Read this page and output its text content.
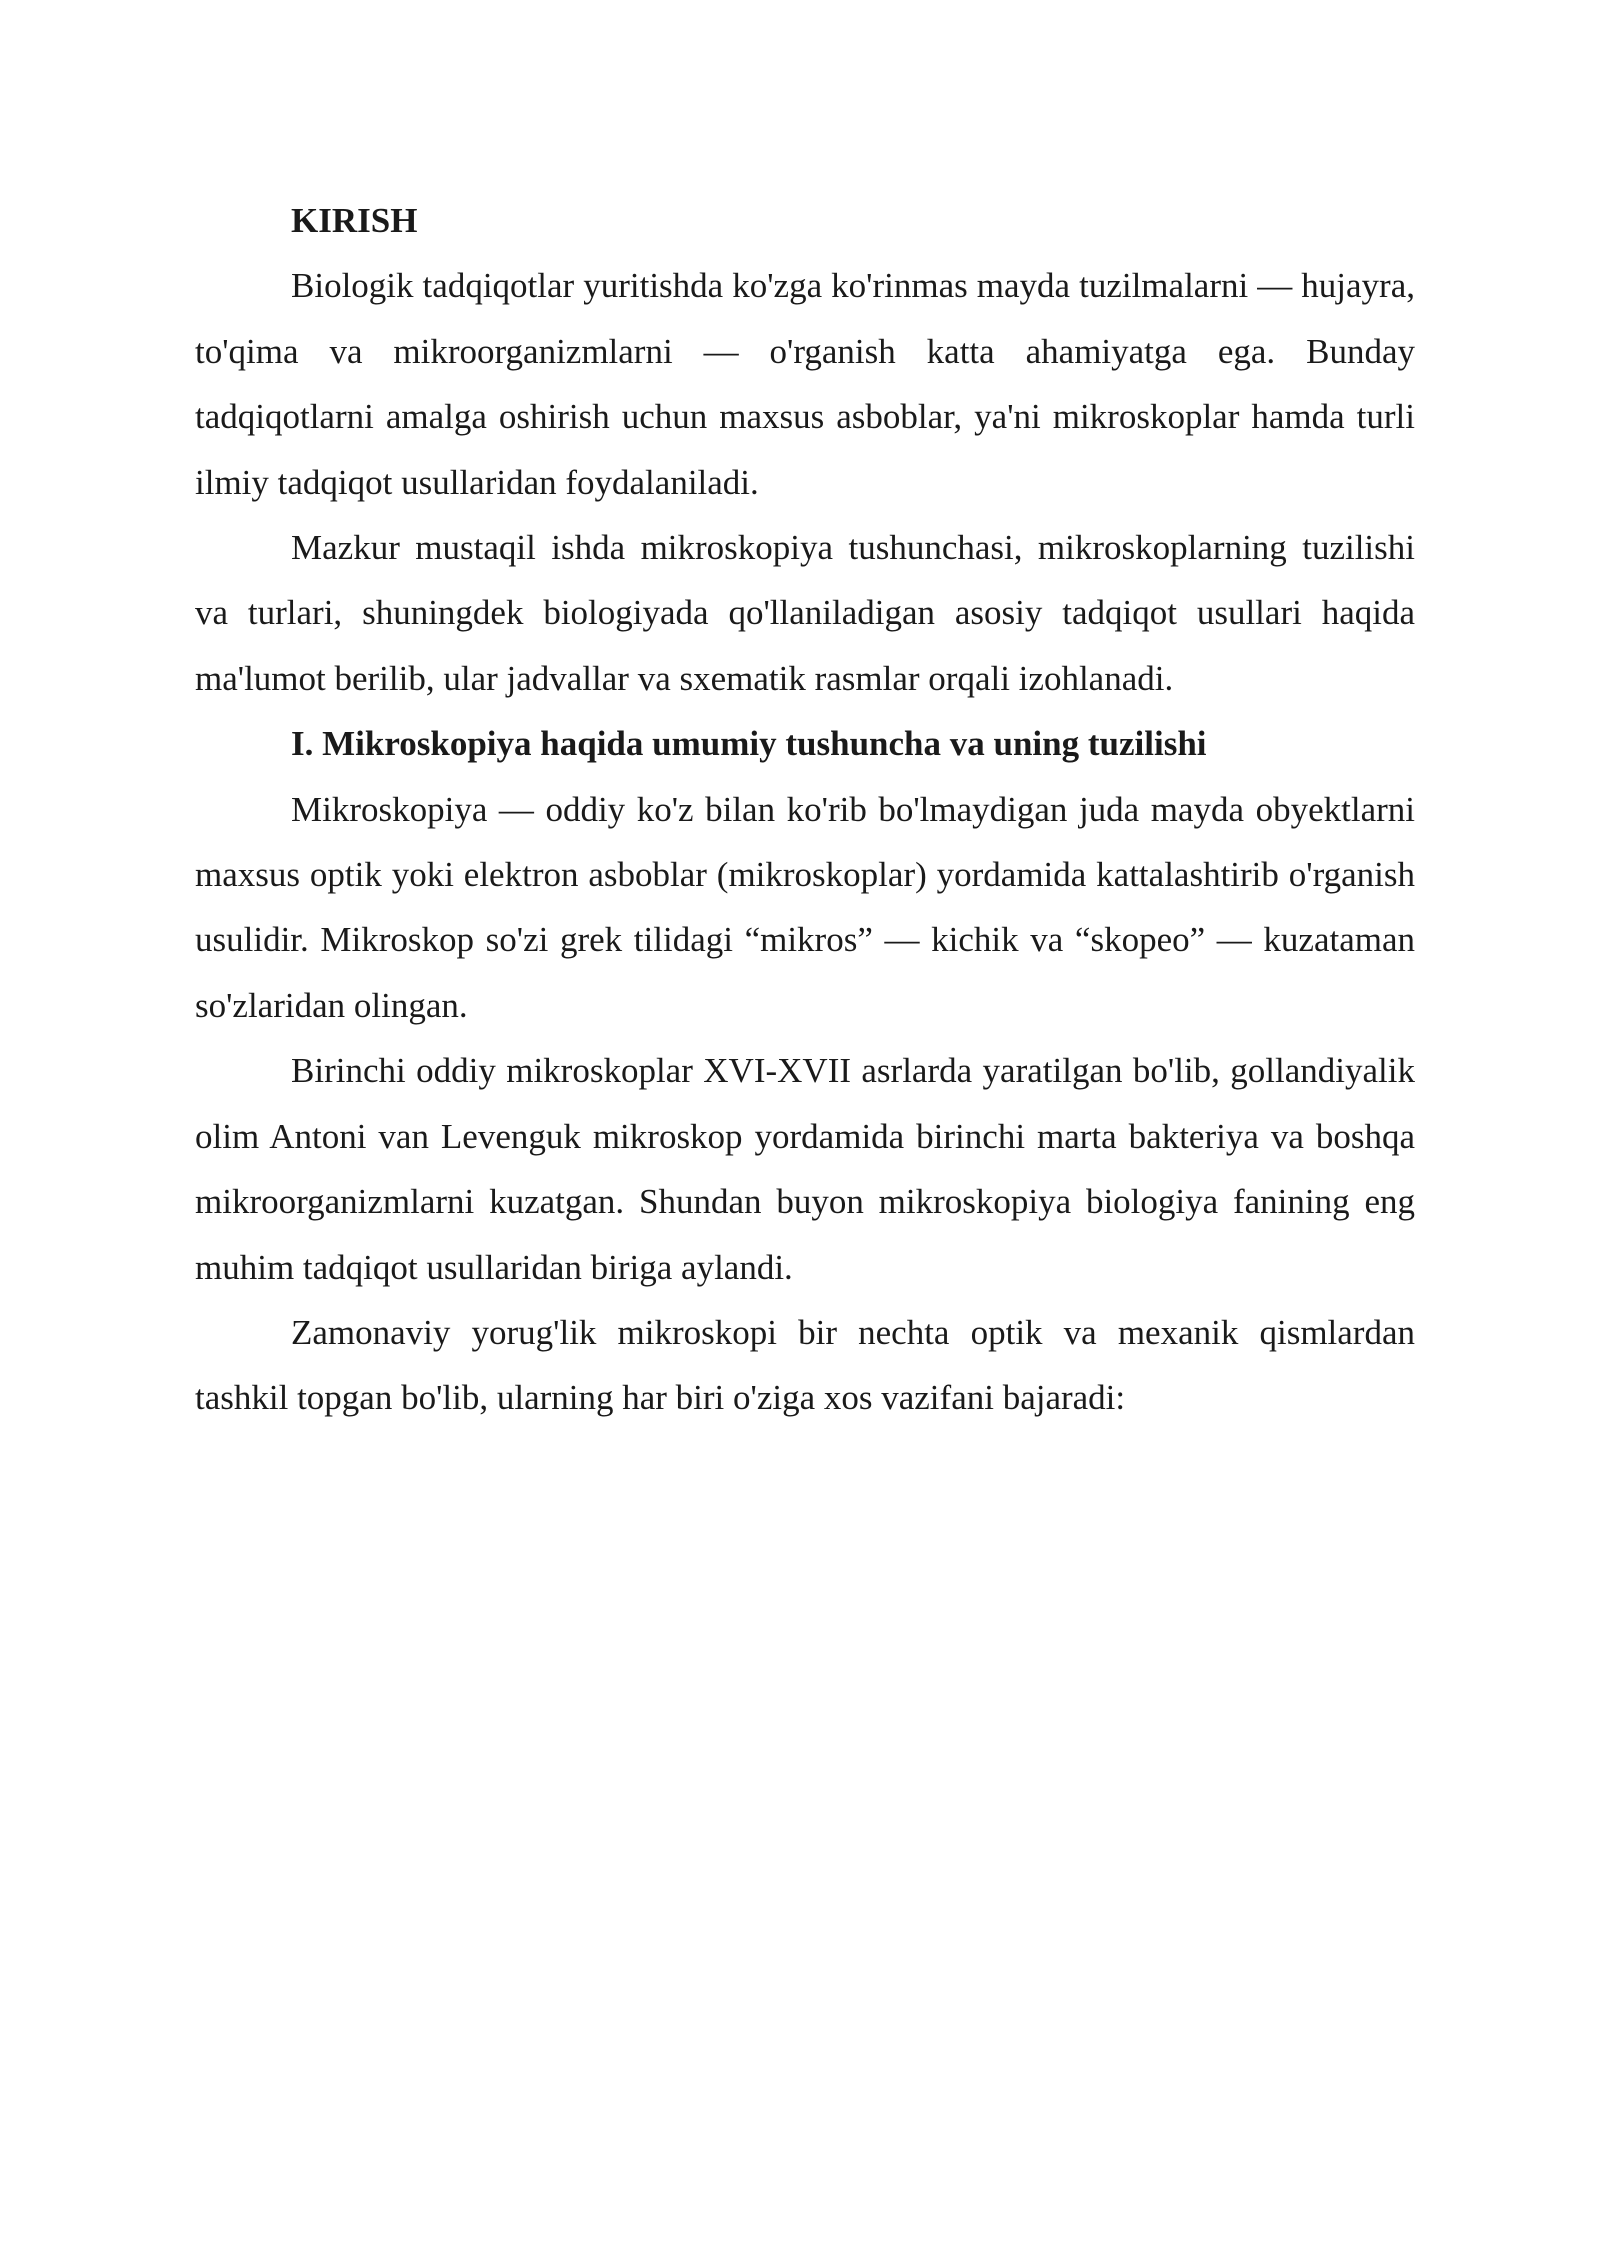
KIRISH

Biologik tadqiqotlar yuritishda ko'zga ko'rinmas mayda tuzilmalarni — hujayra, to'qima va mikroorganizmlarni — o'rganish katta ahamiyatga ega. Bunday tadqiqotlarni amalga oshirish uchun maxsus asboblar, ya'ni mikroskoplar hamda turli ilmiy tadqiqot usullaridan foydalaniladi.

Mazkur mustaqil ishda mikroskopiya tushunchasi, mikroskoplarning tuzilishi va turlari, shuningdek biologiyada qo'llaniladigan asosiy tadqiqot usullari haqida ma'lumot berilib, ular jadvallar va sxematik rasmlar orqali izohlanadi.

I. Mikroskopiya haqida umumiy tushuncha va uning tuzilishi

Mikroskopiya — oddiy ko'z bilan ko'rib bo'lmaydigan juda mayda obyektlarni maxsus optik yoki elektron asboblar (mikroskoplar) yordamida kattalashtirib o'rganish usulidir. Mikroskop so'zi grek tilidagi “mikros” — kichik va “skopeo” — kuzataman so'zlaridan olingan.

Birinchi oddiy mikroskoplar XVI-XVII asrlarda yaratilgan bo'lib, gollandiyalik olim Antoni van Levenguk mikroskop yordamida birinchi marta bakteriya va boshqa mikroorganizmlarni kuzatgan. Shundan buyon mikroskopiya biologiya fanining eng muhim tadqiqot usullaridan biriga aylandi.

Zamonaviy yorug'lik mikroskopi bir nechta optik va mexanik qismlardan tashkil topgan bo'lib, ularning har biri o'ziga xos vazifani bajaradi:
